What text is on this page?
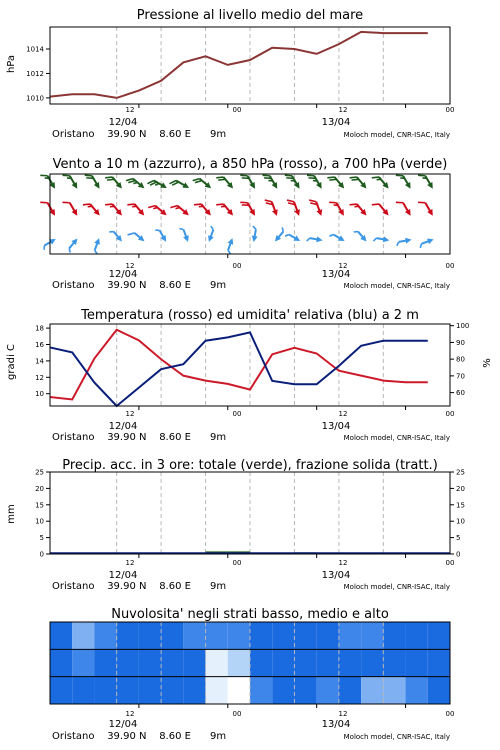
Pressione al livello medio del mare
Vento a 10 m (azzurro), a 850 hPa (rosso), a 700 hPa (verde)
Temperatura (rosso) ed umidita' relativa (blu) a 2 m
Precip. acc. in 3 ore: totale (verde), frazione solida (tratt.)
Nuvolosita' negli strati basso, medio e alto
hPa
gradi C	%
mm
1010
1012
1014
12	00	12	00
12/04	13/04
Oristano    39.90 N    8.60 E      9m	Moloch model, CNR-ISAC, Italy
12	00	12	00
12/04	13/04
Oristano    39.90 N    8.60 E      9m	Moloch model, CNR-ISAC, Italy
10
12
14
16
18
60
70
80
90
100
12	00	12	00
12/04	13/04
Oristano    39.90 N    8.60 E      9m	Moloch model, CNR-ISAC, Italy
0
5
10
15
20
25
0
5
10
15
20
25
12	00	12	00
12/04	13/04
Oristano    39.90 N    8.60 E      9m	Moloch model, CNR-ISAC, Italy
12	00	12	00
12/04	13/04
Oristano    39.90 N    8.60 E      9m	Moloch model, CNR-ISAC, Italy
